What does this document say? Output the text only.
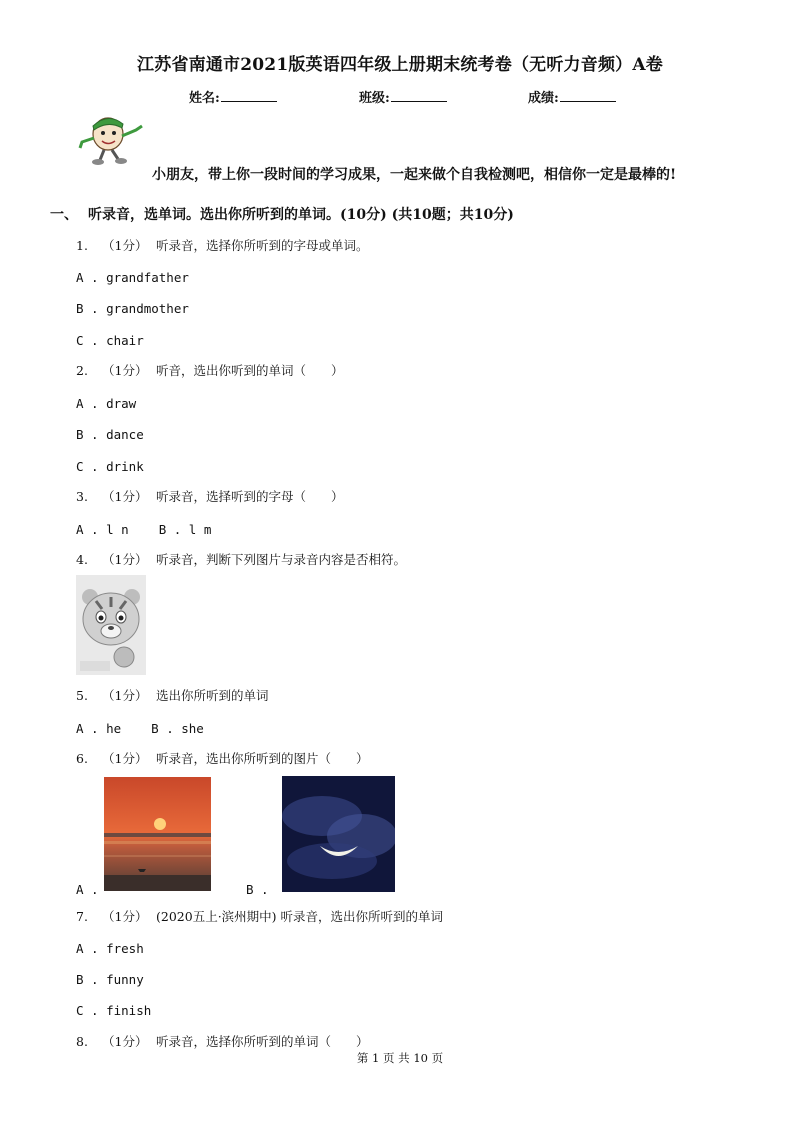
江苏省南通市2021版英语四年级上册期末统考卷（无听力音频）A卷
姓名:	班级:	成绩:
小朋友，带上你一段时间的学习成果，一起来做个自我检测吧，相信你一定是最棒的!
一、 听录音，选单词。选出你所听到的单词。(10分) (共10题；共10分)
1. （1分） 听录音，选择你所听到的字母或单词。
A . grandfather
B . grandmother
C . chair
2. （1分） 听音，选出你听到的单词（　　）
A . draw
B . dance
C . drink
3. （1分） 听录音，选择听到的字母（　　）
A . l n B . l m
4. （1分） 听录音，判断下列图片与录音内容是否相符。
5. （1分） 选出你所听到的单词
A . he B . she
6. （1分） 听录音，选出你所听到的图片（　　）
A .	B .
7. （1分） (2020五上·滨州期中) 听录音，选出你所听到的单词
A . fresh
B . funny
C . finish
8. （1分） 听录音，选择你所听到的单词（　　）
第 1 页 共 10 页
